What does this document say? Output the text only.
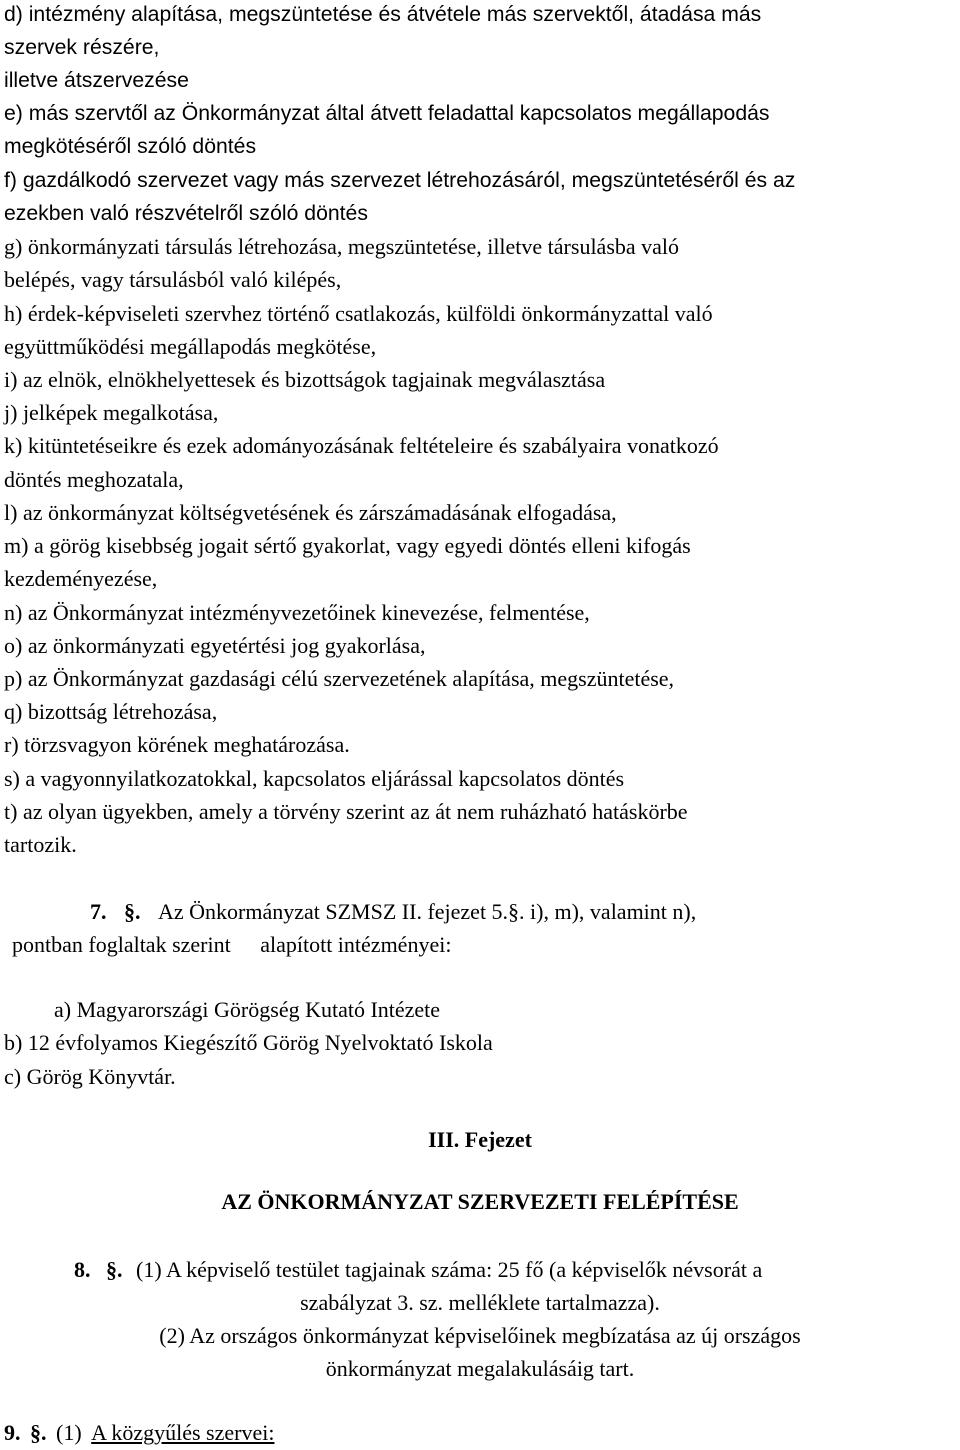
d) intézmény alapítása, megszüntetése és átvétele más szervektől, átadása más
szervek részére,
illetve átszervezése
e) más szervtől az Önkormányzat által átvett feladattal kapcsolatos megállapodás
megkötéséről szóló döntés
f) gazdálkodó szervezet vagy más szervezet létrehozásáról, megszüntetéséről és az
ezekben való részvételről szóló döntés
g) önkormányzati társulás létrehozása, megszüntetése, illetve társulásba való
belépés, vagy társulásból való kilépés,
h) érdek-képviseleti szervhez történő csatlakozás, külföldi önkormányzattal való
együttműködési megállapodás megkötése,
i) az elnök, elnökhelyettesek és bizottságok tagjainak megválasztása
j) jelképek megalkotása,
k) kitüntetéseikre és ezek adományozásának feltételeire és szabályaira vonatkozó
döntés meghozatala,
l) az önkormányzat költségvetésének és zárszámadásának elfogadása,
m) a görög kisebbség jogait sértő gyakorlat, vagy egyedi döntés elleni kifogás
kezdeményezése,
n) az Önkormányzat intézményvezetőinek kinevezése, felmentése,
o) az önkormányzati egyetértési jog gyakorlása,
p) az Önkormányzat gazdasági célú szervezetének alapítása, megszüntetése,
q) bizottság létrehozása,
r) törzsvagyon körének meghatározása.
s) a vagyonnyilatkozatokkal, kapcsolatos eljárással kapcsolatos döntés
t) az olyan ügyekben, amely a törvény szerint az át nem ruházható hatáskörbe
tartozik.
7. §. Az Önkormányzat SZMSZ II. fejezet 5.§. i), m), valamint n),
pontban foglaltak szerint alapított intézményei:
a) Magyarországi Görögség Kutató Intézete
b) 12 évfolyamos Kiegészítő Görög Nyelvoktató Iskola
c) Görög Könyvtár.
III. Fejezet
AZ ÖNKORMÁNYZAT SZERVEZETI FELÉPÍTÉSE
8. §. (1) A képviselő testület tagjainak száma: 25 fő (a képviselők névsorát a
szabályzat 3. sz. melléklete tartalmazza).
(2) Az országos önkormányzat képviselőinek megbízatása az új országos
önkormányzat megalakulásáig tart.
9. §. (1) A közgyűlés szervei:
